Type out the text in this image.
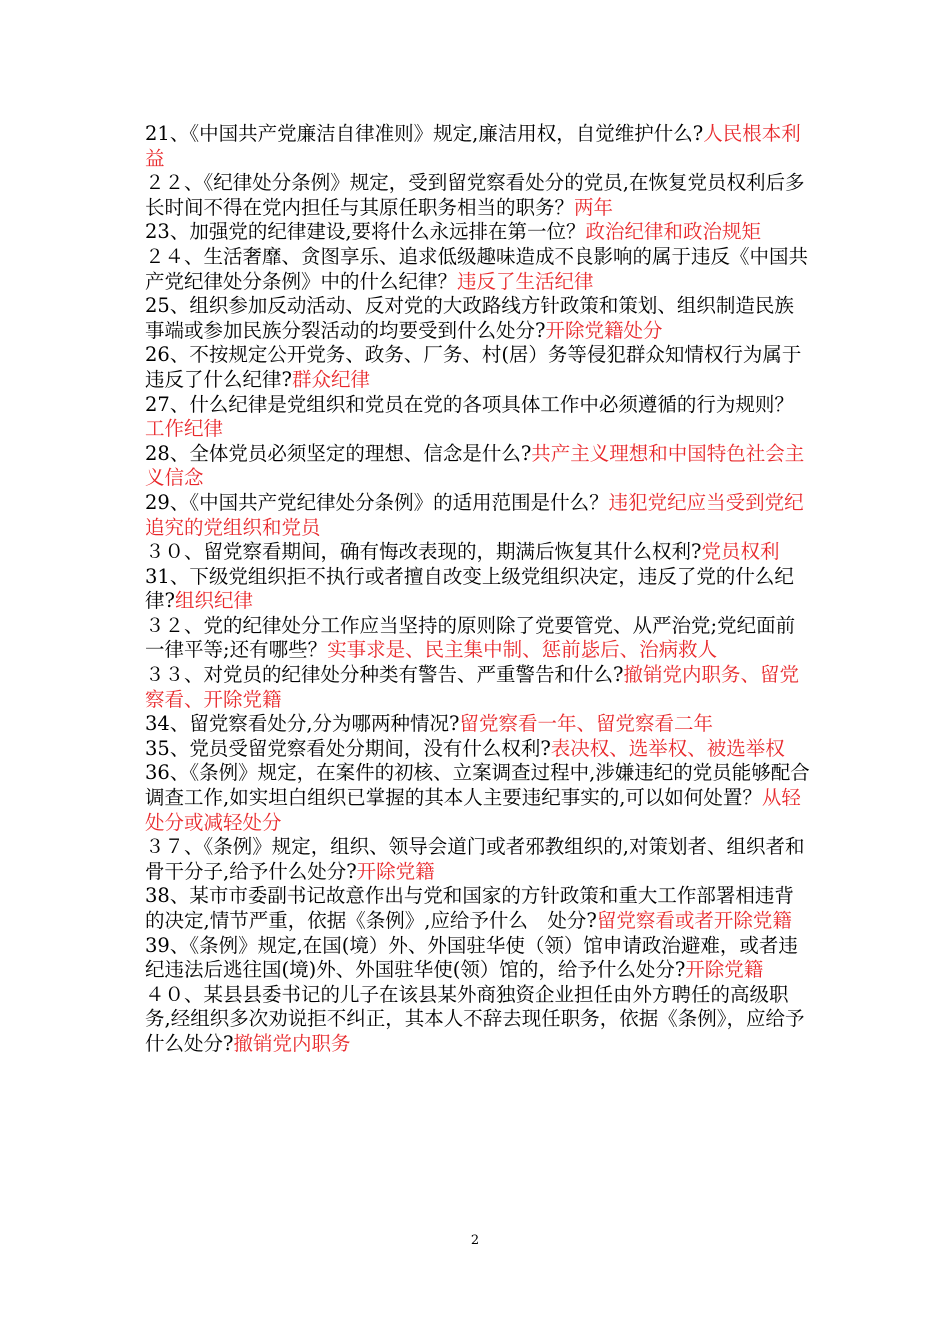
21、《中国共产党廉洁自律准则》规定,廉洁用权，自觉维护什么?人民根本利益

２２、《纪律处分条例》规定，受到留党察看处分的党员,在恢复党员权利后多长时间不得在党内担任与其原任职务相当的职务？两年

23、加强党的纪律建设,要将什么永远排在第一位？政治纪律和政治规矩

２４、生活奢靡、贪图享乐、追求低级趣味造成不良影响的属于违反《中国共产党纪律处分条例》中的什么纪律？违反了生活纪律

25、组织参加反动活动、反对党的大政路线方针政策和策划、组织制造民族事端或参加民族分裂活动的均要受到什么处分?开除党籍处分

26、不按规定公开党务、政务、厂务、村(居）务等侵犯群众知情权行为属于违反了什么纪律?群众纪律

27、什么纪律是党组织和党员在党的各项具体工作中必须遵循的行为规则？工作纪律

28、全体党员必须坚定的理想、信念是什么?共产主义理想和中国特色社会主义信念

29、《中国共产党纪律处分条例》的适用范围是什么？违犯党纪应当受到党纪追究的党组织和党员

３０、留党察看期间，确有悔改表现的，期满后恢复其什么权利?党员权利

31、下级党组织拒不执行或者擅自改变上级党组织决定，违反了党的什么纪律?组织纪律

３２、党的纪律处分工作应当坚持的原则除了党要管党、从严治党;党纪面前一律平等;还有哪些？实事求是、民主集中制、惩前毖后、治病救人

３３、对党员的纪律处分种类有警告、严重警告和什么?撤销党内职务、留党察看、开除党籍

34、留党察看处分,分为哪两种情况?留党察看一年、留党察看二年

35、党员受留党察看处分期间，没有什么权利?表决权、选举权、被选举权

36、《条例》规定，在案件的初核、立案调查过程中,涉嫌违纪的党员能够配合调查工作,如实坦白组织已掌握的其本人主要违纪事实的,可以如何处置？从轻处分或减轻处分

３７、《条例》规定，组织、领导会道门或者邪教组织的,对策划者、组织者和骨干分子,给予什么处分?开除党籍

38、某市市委副书记故意作出与党和国家的方针政策和重大工作部署相违背的决定,情节严重，依据《条例》,应给予什么　处分?留党察看或者开除党籍

39、《条例》规定,在国(境）外、外国驻华使（领）馆申请政治避难，或者违纪违法后逃往国(境)外、外国驻华使(领）馆的，给予什么处分?开除党籍

４０、某县县委书记的儿子在该县某外商独资企业担任由外方聘任的高级职务,经组织多次劝说拒不纠正，其本人不辞去现任职务，依据《条例》，应给予什么处分?撤销党内职务

2
